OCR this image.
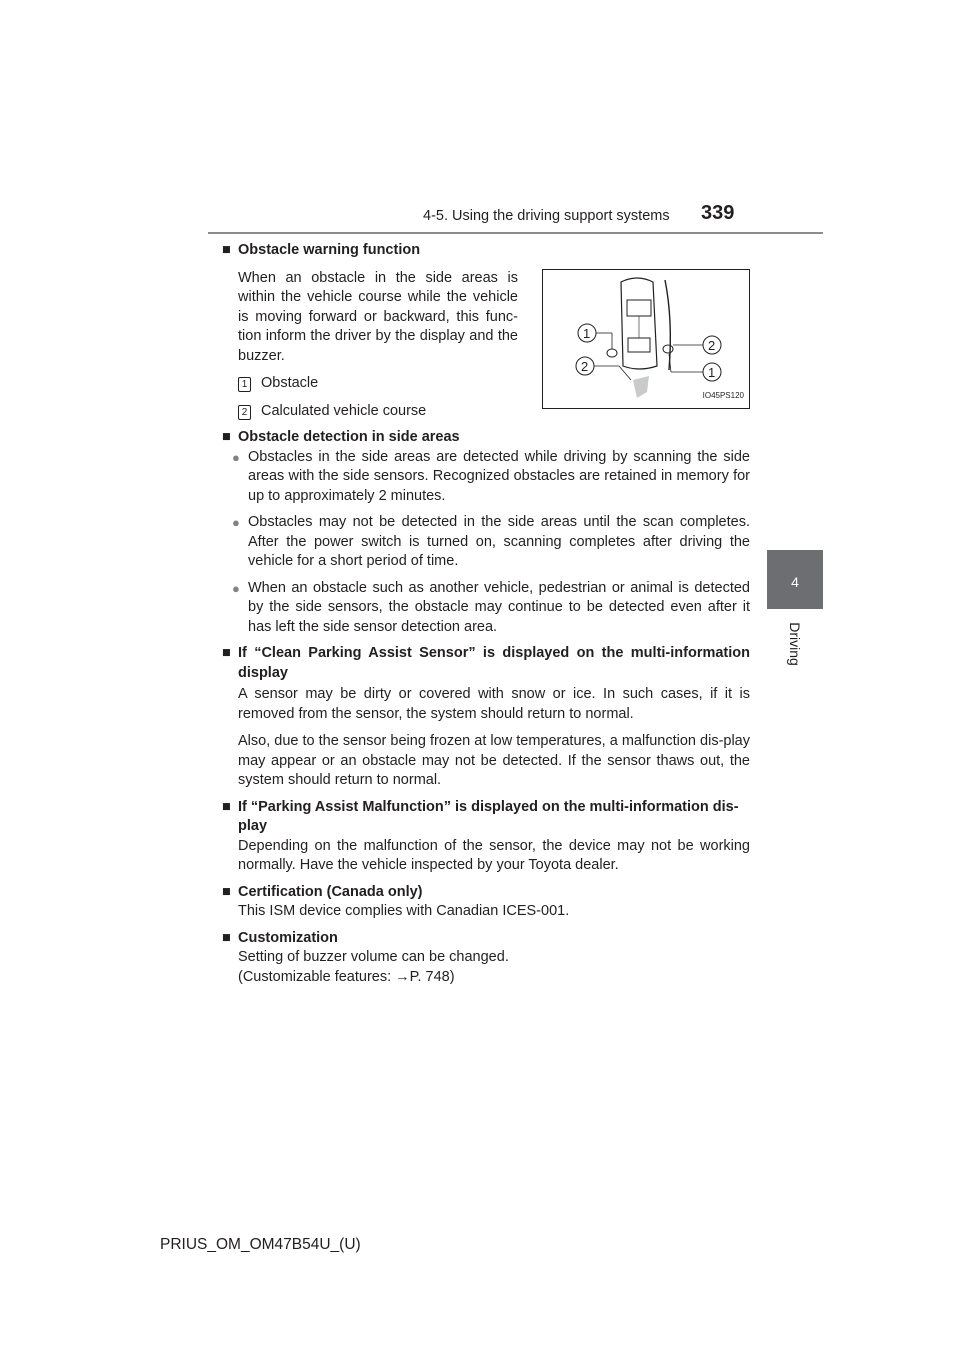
4-5. Using the driving support systems 339
4
Driving

■ Obstacle warning function

When an obstacle in the side areas is within the vehicle course while the vehicle is moving forward or backward, this func-tion inform the driver by the display and the buzzer.

1 Obstacle
2 Calculated vehicle course
1
2
2
1
IO45PS120

■ Obstacle detection in side areas

● Obstacles in the side areas are detected while driving by scanning the side areas with the side sensors. Recognized obstacles are retained in memory for up to approximately 2 minutes.
● Obstacles may not be detected in the side areas until the scan completes. After the power switch is turned on, scanning completes after driving the vehicle for a short period of time.
● When an obstacle such as another vehicle, pedestrian or animal is detected by the side sensors, the obstacle may continue to be detected even after it has left the side sensor detection area.

■ If “Clean Parking Assist Sensor” is displayed on the multi-information display

A sensor may be dirty or covered with snow or ice. In such cases, if it is removed from the sensor, the system should return to normal.

Also, due to the sensor being frozen at low temperatures, a malfunction dis-play may appear or an obstacle may not be detected. If the sensor thaws out, the system should return to normal.

■ If “Parking Assist Malfunction” is displayed on the multi-information dis-play

Depending on the malfunction of the sensor, the device may not be working normally. Have the vehicle inspected by your Toyota dealer.

■ Certification (Canada only)

This ISM device complies with Canadian ICES-001.

■ Customization

Setting of buzzer volume can be changed.

(Customizable features: →P. 748)

PRIUS_OM_OM47B54U_(U)
